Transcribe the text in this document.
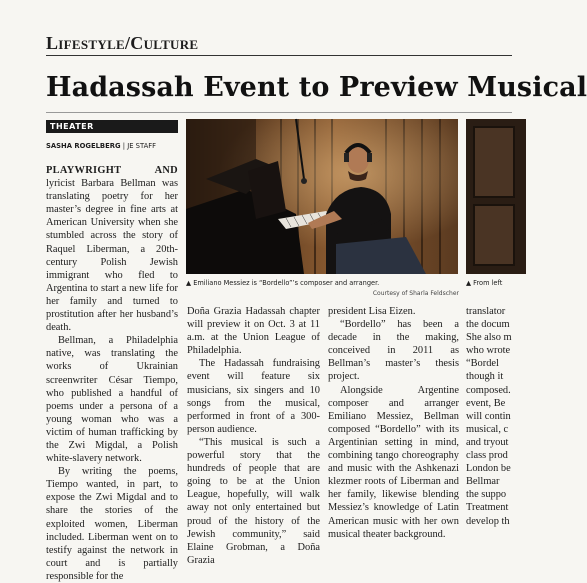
Lifestyle/Culture
Hadassah Event to Preview Musical
THEATER
SASHA ROGELBERG | JE STAFF

PLAYWRIGHT AND lyricist Barbara Bellman was translating poetry for her master’s degree in fine arts at American University when she stumbled across the story of Raquel Liberman, a 20th-century Polish Jewish immigrant who fled to Argentina to start a new life for her family and turned to prostitution after her husband’s death.

Bellman, a Philadelphia native, was translating the works of Ukrainian screenwriter César Tiempo, who published a handful of poems under a persona of a young woman who was a victim of human trafficking by the Zwi Migdal, a Polish white-slavery network.

By writing the poems, Tiempo wanted, in part, to expose the Zwi Migdal and to share the stories of the exploited women, Liberman included. Liberman went on to testify against the network in court and is partially responsible for the

▲ Emiliano Messiez is “Bordello”’s composer and arranger.
Courtesy of Sharla Feldscher
▲ From left

Doña Grazia Hadassah chapter will preview it on Oct. 3 at 11 a.m. at the Union League of Philadelphia.

The Hadassah fundraising event will feature six musicians, six singers and 10 songs from the musical, performed in front of a 300-person audience.

“This musical is such a powerful story that the hundreds of people that are going to be at the Union League, hopefully, will walk away not only entertained but proud of the history of the Jewish community,” said Elaine Grobman, a Doña Grazia

president Lisa Eizen.

“Bordello” has been a decade in the making, conceived in 2011 as Bellman’s master’s thesis project.

Alongside Argentine composer and arranger Emiliano Messiez, Bellman composed “Bordello” with its Argentinian setting in mind, combining tango choreography and music with the Ashkenazi klezmer roots of Liberman and her family, likewise blending Messiez’s knowledge of Latin American music with her own musical theater background.

translator
the docum
She also m
who wrote
“Bordel
though it
composed.
event, Be
will contin
musical, c
and tryout
class prod
London be
Bellmar
the suppo
Treatment
develop th
